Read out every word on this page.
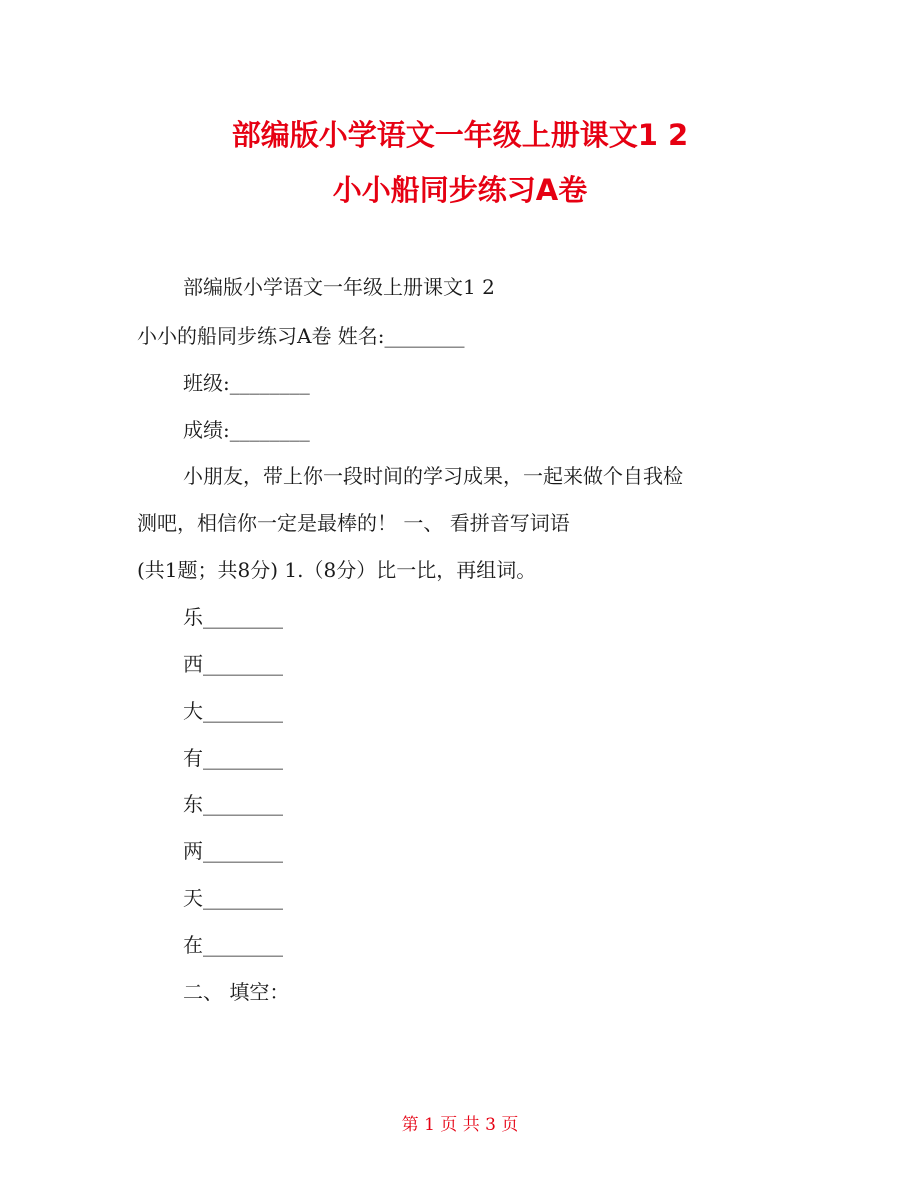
部编版小学语文一年级上册课文1 2
小小船同步练习A卷
部编版小学语文一年级上册课文1 2
小小的船同步练习A卷 姓名:________
班级:________
成绩:________
小朋友，带上你一段时间的学习成果，一起来做个自我检
测吧，相信你一定是最棒的！ 一、 看拼音写词语
(共1题；共8分) 1.（8分）比一比，再组词。
乐________
西________
大________
有________
东________
两________
天________
在________
二、 填空：
第 1 页 共 3 页
